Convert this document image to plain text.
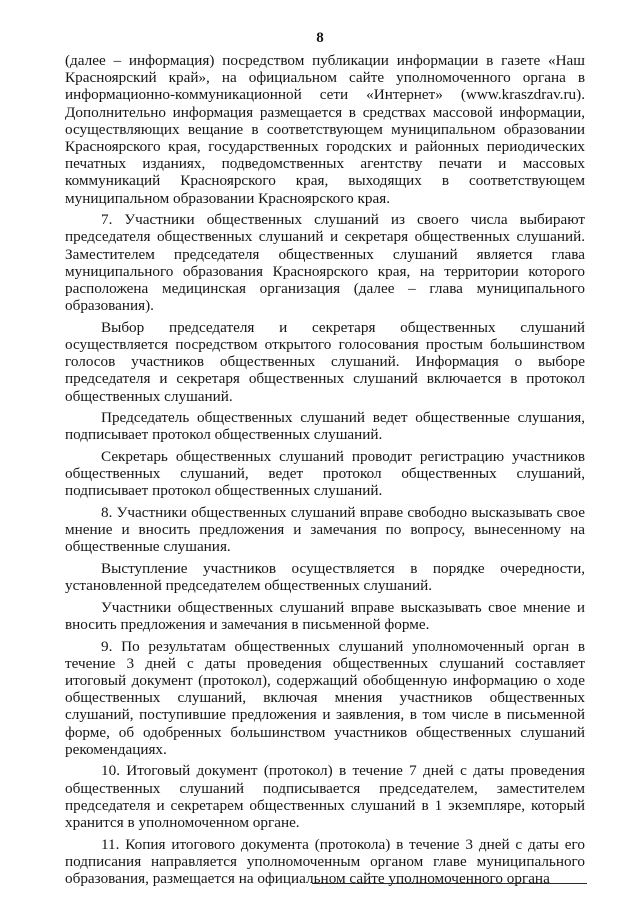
8

(далее – информация) посредством публикации информации в газете «Наш Красноярский край», на официальном сайте уполномоченного органа в информационно-коммуникационной сети «Интернет» (www.kraszdrav.ru). Дополнительно информация размещается в средствах массовой информации, осуществляющих вещание в соответствующем муниципальном образовании Красноярского края, государственных городских и районных периодических печатных изданиях, подведомственных агентству печати и массовых коммуникаций Красноярского края, выходящих в соответствующем муниципальном образовании Красноярского края.

7. Участники общественных слушаний из своего числа выбирают председателя общественных слушаний и секретаря общественных слушаний. Заместителем председателя общественных слушаний является глава муниципального образования Красноярского края, на территории которого расположена медицинская организация (далее – глава муниципального образования).

Выбор председателя и секретаря общественных слушаний осуществляется посредством открытого голосования простым большинством голосов участников общественных слушаний. Информация о выборе председателя и секретаря общественных слушаний включается в протокол общественных слушаний.

Председатель общественных слушаний ведет общественные слушания, подписывает протокол общественных слушаний.

Секретарь общественных слушаний проводит регистрацию участников общественных слушаний, ведет протокол общественных слушаний, подписывает протокол общественных слушаний.

8. Участники общественных слушаний вправе свободно высказывать свое мнение и вносить предложения и замечания по вопросу, вынесенному на общественные слушания.

Выступление участников осуществляется в порядке очередности, установленной председателем общественных слушаний.

Участники общественных слушаний вправе высказывать свое мнение и вносить предложения и замечания в письменной форме.

9. По результатам общественных слушаний уполномоченный орган в течение 3 дней с даты проведения общественных слушаний составляет итоговый документ (протокол), содержащий обобщенную информацию о ходе общественных слушаний, включая мнения участников общественных слушаний, поступившие предложения и заявления, в том числе в письменной форме, об одобренных большинством участников общественных слушаний рекомендациях.

10. Итоговый документ (протокол) в течение 7 дней с даты проведения общественных слушаний подписывается председателем, заместителем председателя и секретарем общественных слушаний в 1 экземпляре, который хранится в уполномоченном органе.

11. Копия итогового документа (протокола) в течение 3 дней с даты его подписания направляется уполномоченным органом главе муниципального образования, размещается на официальном сайте уполномоченного органа
